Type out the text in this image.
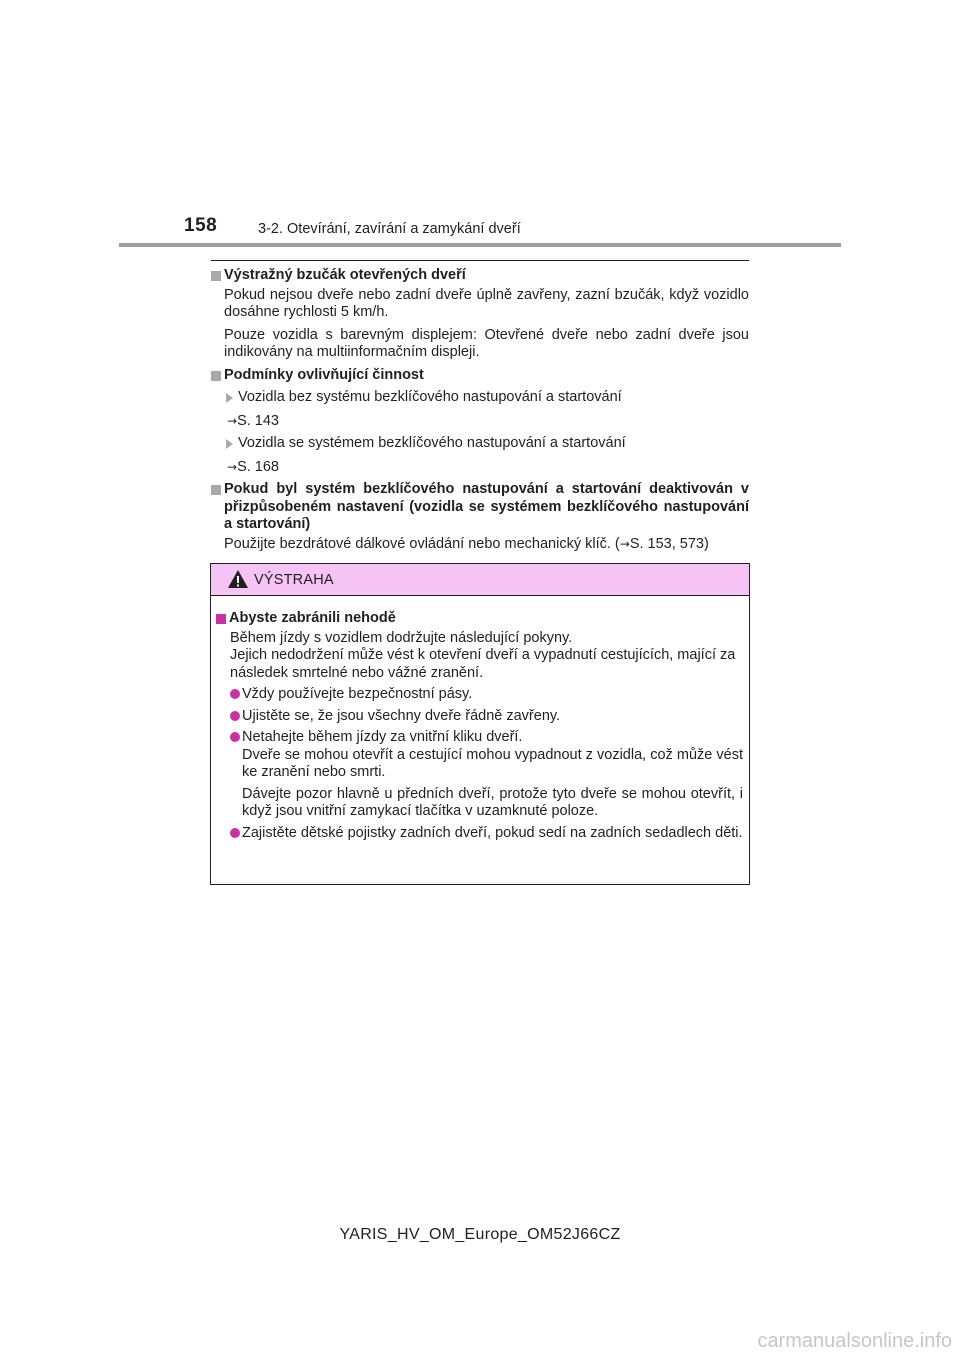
158	3-2. Otevírání, zavírání a zamykání dveří
Výstražný bzučák otevřených dveří
Pokud nejsou dveře nebo zadní dveře úplně zavřeny, zazní bzučák, když vozidlo dosáhne rychlosti 5 km/h.
Pouze vozidla s barevným displejem: Otevřené dveře nebo zadní dveře jsou indikovány na multiinformačním displeji.
Podmínky ovlivňující činnost
Vozidla bez systému bezklíčového nastupování a startování
→S. 143
Vozidla se systémem bezklíčového nastupování a startování
→S. 168
Pokud byl systém bezklíčového nastupování a startování deaktivován v přizpůsobeném nastavení (vozidla se systémem bezklíčového nastupování a startování)
Použijte bezdrátové dálkové ovládání nebo mechanický klíč. (→S. 153, 573)
VÝSTRAHA
Abyste zabránili nehodě
Během jízdy s vozidlem dodržujte následující pokyny.
Jejich nedodržení může vést k otevření dveří a vypadnutí cestujících, mající za následek smrtelné nebo vážné zranění.
Vždy používejte bezpečnostní pásy.
Ujistěte se, že jsou všechny dveře řádně zavřeny.
Netahejte během jízdy za vnitřní kliku dveří.
Dveře se mohou otevřít a cestující mohou vypadnout z vozidla, což může vést ke zranění nebo smrti.
Dávejte pozor hlavně u předních dveří, protože tyto dveře se mohou otevřít, i když jsou vnitřní zamykací tlačítka v uzamknuté poloze.
Zajistěte dětské pojistky zadních dveří, pokud sedí na zadních sedadlech děti.
YARIS_HV_OM_Europe_OM52J66CZ
carmanualsonline.info
